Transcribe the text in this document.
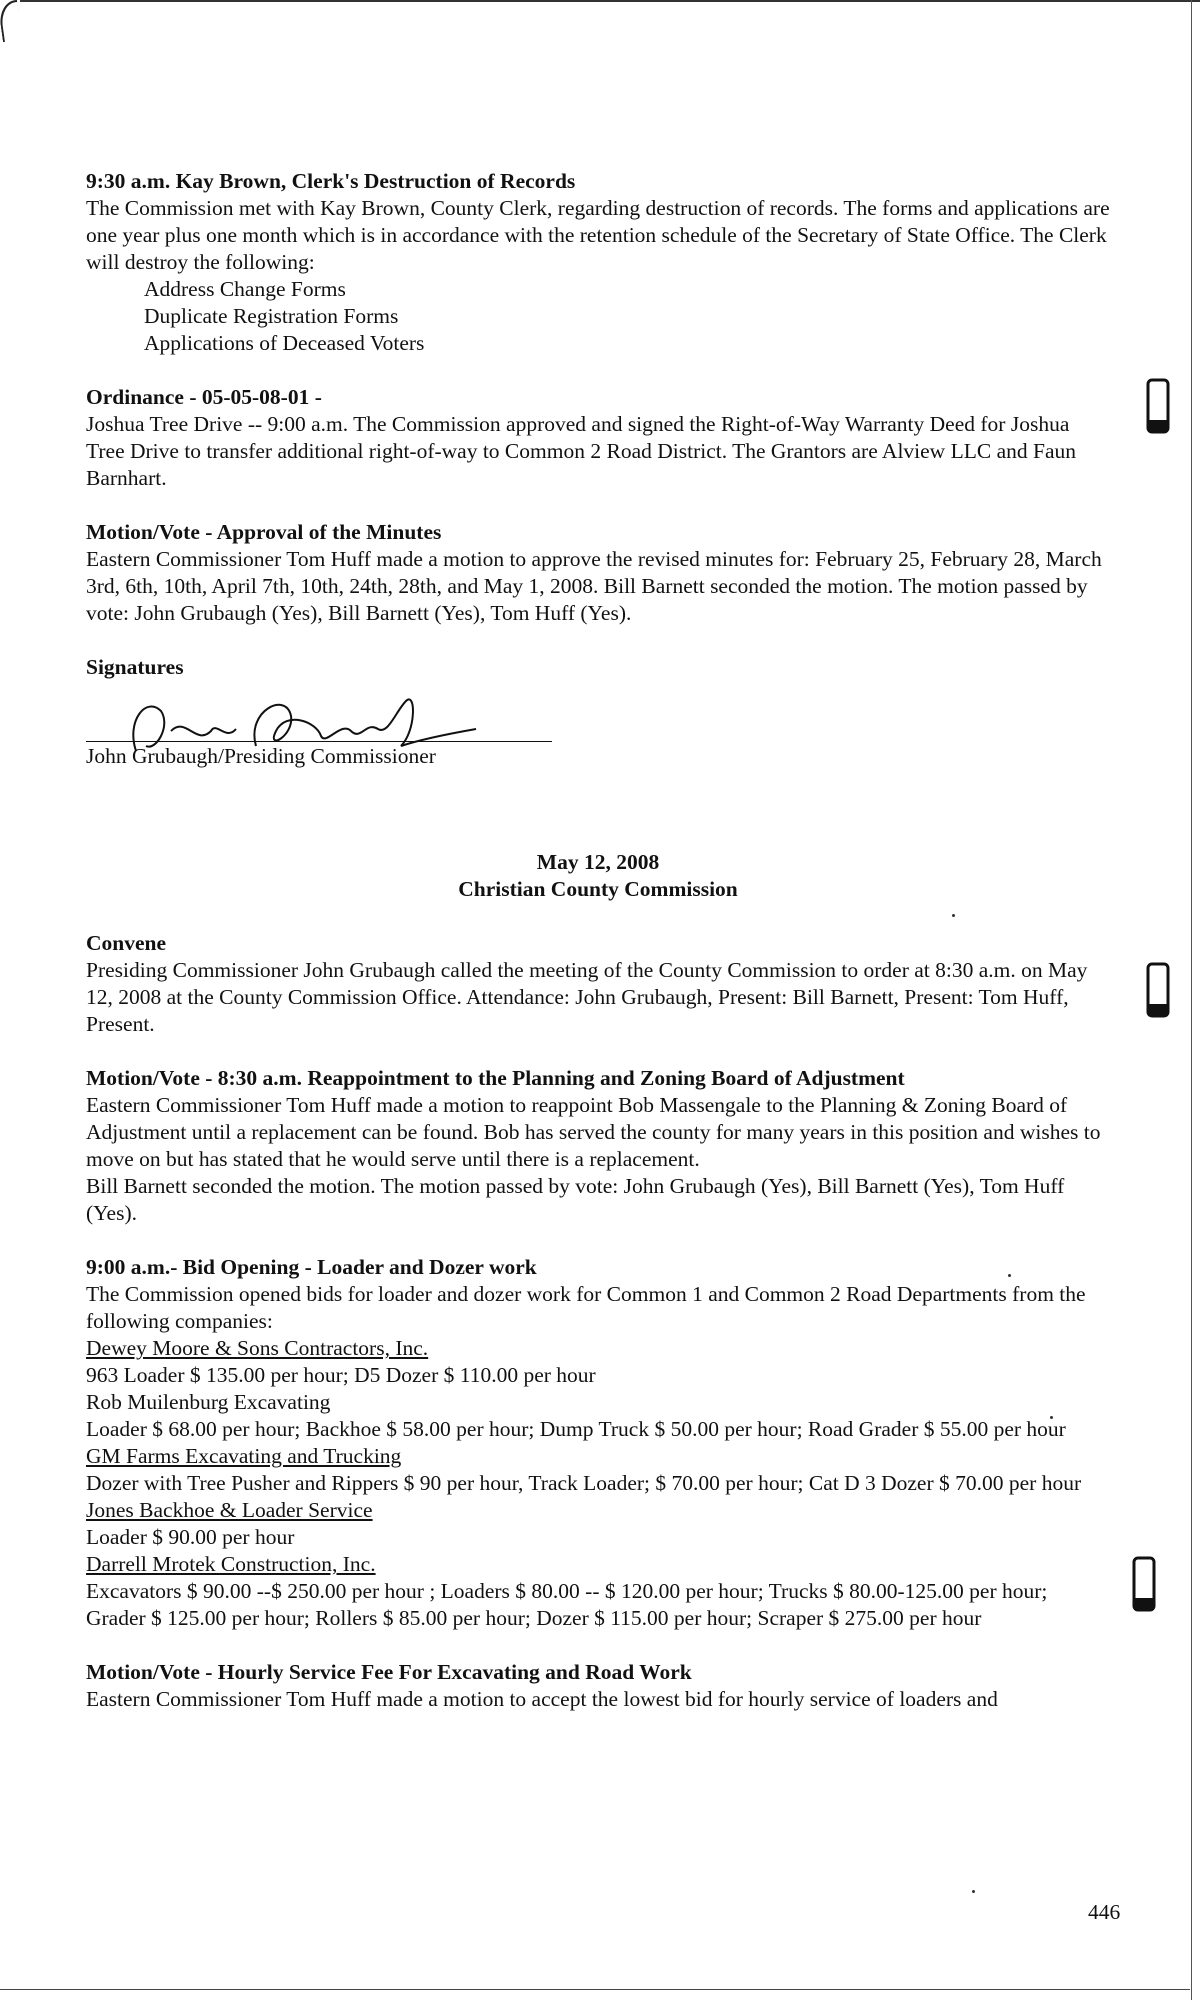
9:30 a.m. Kay Brown, Clerk's Destruction of Records

The Commission met with Kay Brown, County Clerk, regarding destruction of records. The forms and applications are one year plus one month which is in accordance with the retention schedule of the Secretary of State Office. The Clerk will destroy the following:

Address Change Forms
Duplicate Registration Forms
Applications of Deceased Voters
Ordinance - 05-05-08-01 -

Joshua Tree Drive -- 9:00 a.m. The Commission approved and signed the Right-of-Way Warranty Deed for Joshua Tree Drive to transfer additional right-of-way to Common 2 Road District. The Grantors are Alview LLC and Faun Barnhart.

Motion/Vote - Approval of the Minutes

Eastern Commissioner Tom Huff made a motion to approve the revised minutes for: February 25, February 28, March 3rd, 6th, 10th, April 7th, 10th, 24th, 28th, and May 1, 2008. Bill Barnett seconded the motion. The motion passed by vote: John Grubaugh (Yes), Bill Barnett (Yes), Tom Huff (Yes).

Signatures
John Grubaugh/Presiding Commissioner
May 12, 2008
Christian County Commission
Convene

Presiding Commissioner John Grubaugh called the meeting of the County Commission to order at 8:30 a.m. on May 12, 2008 at the County Commission Office. Attendance: John Grubaugh, Present: Bill Barnett, Present: Tom Huff, Present.

Motion/Vote - 8:30 a.m. Reappointment to the Planning and Zoning Board of Adjustment

Eastern Commissioner Tom Huff made a motion to reappoint Bob Massengale to the Planning & Zoning Board of Adjustment until a replacement can be found. Bob has served the county for many years in this position and wishes to move on but has stated that he would serve until there is a replacement.

Bill Barnett seconded the motion. The motion passed by vote: John Grubaugh (Yes), Bill Barnett (Yes), Tom Huff (Yes).

9:00 a.m.- Bid Opening - Loader and Dozer work

The Commission opened bids for loader and dozer work for Common 1 and Common 2 Road Departments from the following companies:

Dewey Moore & Sons Contractors, Inc.
963 Loader $ 135.00 per hour; D5 Dozer $ 110.00 per hour
Rob Muilenburg Excavating
Loader $ 68.00 per hour; Backhoe $ 58.00 per hour; Dump Truck $ 50.00 per hour; Road Grader $ 55.00 per hour
GM Farms Excavating and Trucking
Dozer with Tree Pusher and Rippers $ 90 per hour, Track Loader; $ 70.00 per hour; Cat D 3 Dozer $ 70.00 per hour
Jones Backhoe & Loader Service
Loader $ 90.00 per hour
Darrell Mrotek Construction, Inc.
Excavators $ 90.00 --$ 250.00 per hour ; Loaders $ 80.00 -- $ 120.00 per hour; Trucks $ 80.00-125.00 per hour; Grader $ 125.00 per hour; Rollers $ 85.00 per hour; Dozer $ 115.00 per hour; Scraper $ 275.00 per hour
Motion/Vote - Hourly Service Fee For Excavating and Road Work

Eastern Commissioner Tom Huff made a motion to accept the lowest bid for hourly service of loaders and

446
